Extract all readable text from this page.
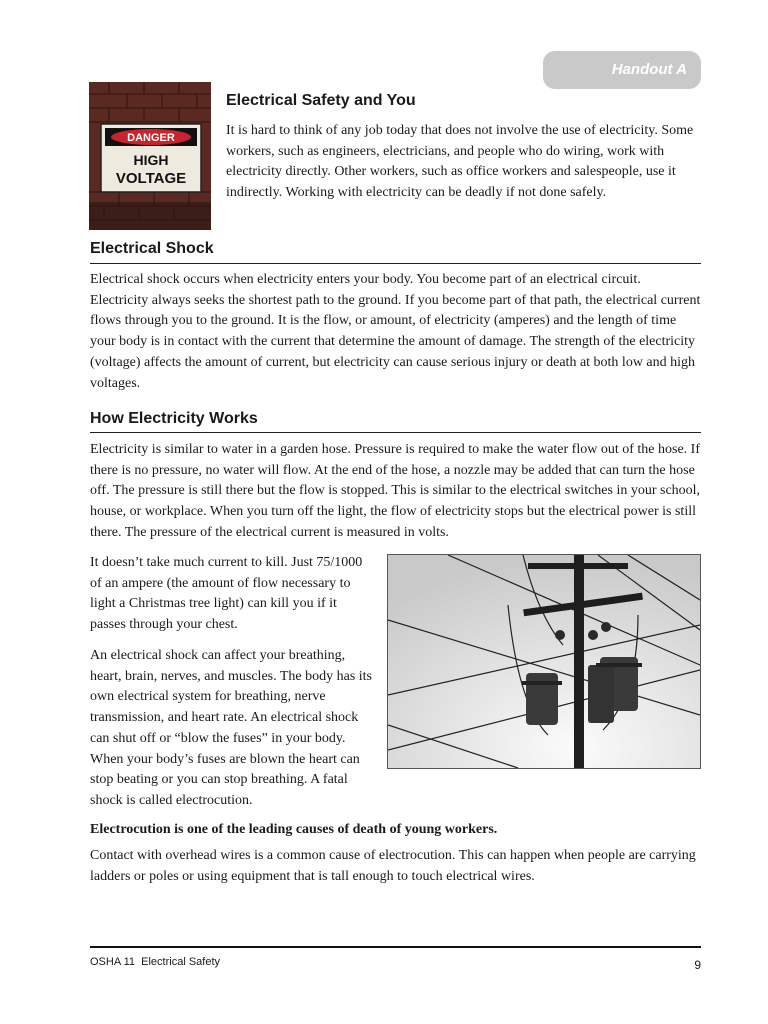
Handout A
DANGER
HIGH
VOLTAGE
Electrical Safety and You

It is hard to think of any job today that does not involve the use of electricity. Some workers, such as engineers, electricians, and people who do wiring, work with electricity directly. Other workers, such as office workers and salespeople, use it indirectly. Working with electricity can be deadly if not done safely.

Electrical Shock

Electrical shock occurs when electricity enters your body. You become part of an electrical circuit. Electricity always seeks the shortest path to the ground. If you become part of that path, the electrical current flows through you to the ground. It is the flow, or amount, of electricity (amperes) and the length of time your body is in contact with the current that determine the amount of damage. The strength of the electricity (voltage) affects the amount of current, but electricity can cause serious injury or death at both low and high voltages.

How Electricity Works

Electricity is similar to water in a garden hose. Pressure is required to make the water flow out of the hose. If there is no pressure, no water will flow. At the end of the hose, a nozzle may be added that can turn the hose off. The pressure is still there but the flow is stopped. This is similar to the electrical switches in your school, house, or workplace. When you turn off the light, the flow of electricity stops but the electrical power is still there. The pressure of the electrical current is measured in volts.

It doesn’t take much current to kill. Just 75/1000 of an ampere (the amount of flow necessary to light a Christmas tree light) can kill you if it passes through your chest.

An electrical shock can affect your breathing, heart, brain, nerves, and muscles. The body has its own electrical system for breathing, nerve transmission, and heart rate. An electrical shock can shut off or “blow the fuses” in your body. When your body’s fuses are blown the heart can stop beating or you can stop breathing. A fatal shock is called electrocution.

Electrocution is one of the leading causes of death of young workers.

Contact with overhead wires is a common cause of electrocution. This can happen when people are carrying ladders or poles or using equipment that is tall enough to touch electrical wires.

OSHA 11  Electrical Safety	9
